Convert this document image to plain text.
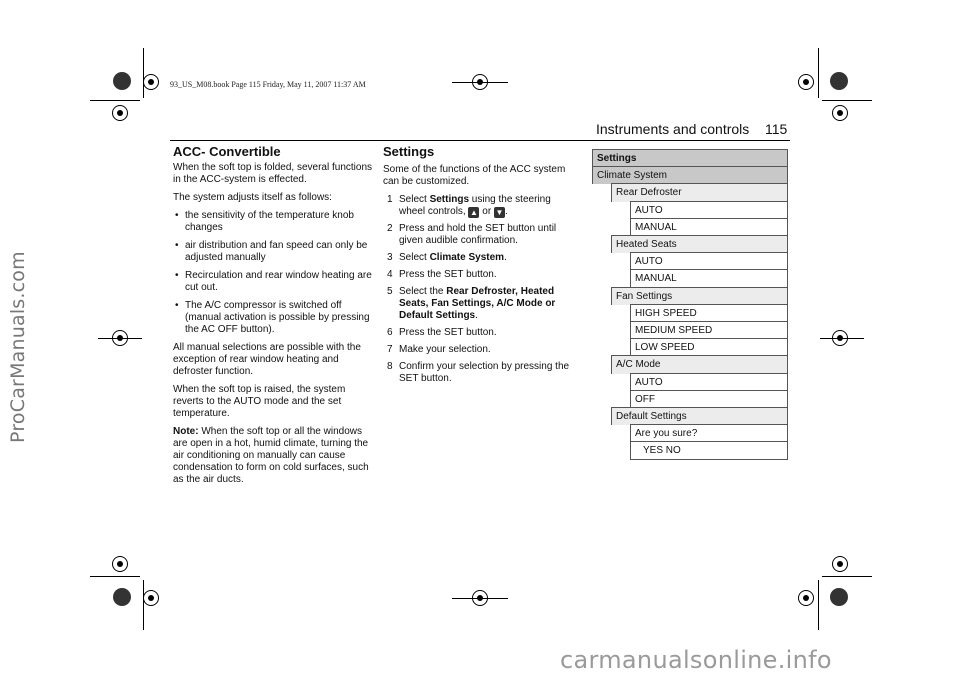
ProCarManuals.com
carmanualsonline.info
93_US_M08.book Page 115 Friday, May 11, 2007 11:37 AM
Instruments and controls 115
ACC- Convertible

When the soft top is folded, several functions in the ACC-system is effected.

The system adjusts itself as follows:

• the sensitivity of the temperature knob changes
• air distribution and fan speed can only be adjusted manually
• Recirculation and rear window heating are cut out.
• The A/C compressor is switched off (manual activation is possible by pressing the AC OFF button).

All manual selections are possible with the exception of rear window heating and defroster function.

When the soft top is raised, the system reverts to the AUTO mode and the set temperature.

Note: When the soft top or all the windows are open in a hot, humid climate, turning the air conditioning on manually can cause condensation to form on cold surfaces, such as the air ducts.

Settings

Some of the functions of the ACC system can be customized.

1 Select Settings using the steering wheel controls, ▲ or ▼ .
2 Press and hold the SET button until given audible confirmation.
3 Select Climate System.
4 Press the SET button.
5 Select the Rear Defroster, Heated Seats, Fan Settings, A/C Mode or Default Settings.
6 Press the SET button.
7 Make your selection.
8 Confirm your selection by pressing the SET button.
Settings
Climate System
Rear Defroster
AUTO
MANUAL
Heated Seats
AUTO
MANUAL
Fan Settings
HIGH SPEED
MEDIUM SPEED
LOW SPEED
A/C Mode
AUTO
OFF
Default Settings
Are you sure?
YES NO
